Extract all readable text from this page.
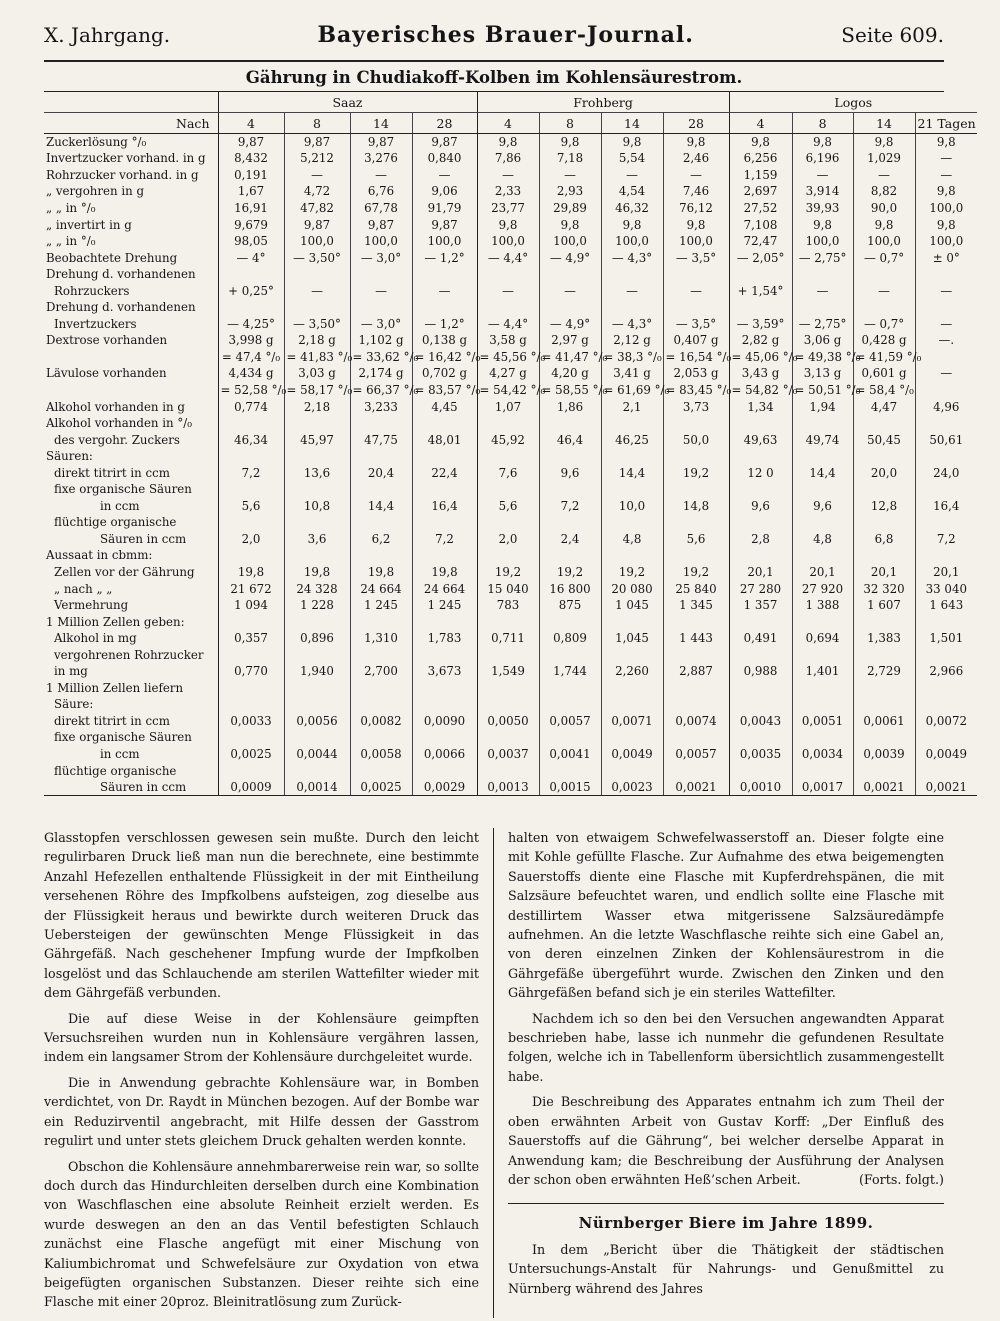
X. Jahrgang.	Bayerisches Brauer-Journal.	Seite 609.
Gährung in Chudiakoff-Kolben im Kohlensäurestrom.
	Saaz				Frohberg				Logos			
Nach	4	8	14	28	4	8	14	28	4	8	14	21 Tagen
Zuckerlösung °/₀	9,87	9,87	9,87	9,87	9,8	9,8	9,8	9,8	9,8	9,8	9,8	9,8
Invertzucker vorhand. in g	8,432	5,212	3,276	0,840	7,86	7,18	5,54	2,46	6,256	6,196	1,029	—
Rohrzucker vorhand. in g	0,191	—	—	—	—	—	—	—	1,159	—	—	—
„ vergohren in g	1,67	4,72	6,76	9,06	2,33	2,93	4,54	7,46	2,697	3,914	8,82	9,8
„ „ in °/₀	16,91	47,82	67,78	91,79	23,77	29,89	46,32	76,12	27,52	39,93	90,0	100,0
„ invertirt in g	9,679	9,87	9,87	9,87	9,8	9,8	9,8	9,8	7,108	9,8	9,8	9,8
„ „ in °/₀	98,05	100,0	100,0	100,0	100,0	100,0	100,0	100,0	72,47	100,0	100,0	100,0
Beobachtete Drehung	— 4°	— 3,50°	— 3,0°	— 1,2°	— 4,4°	— 4,9°	— 4,3°	— 3,5°	— 2,05°	— 2,75°	— 0,7°	± 0°
Drehung d. vorhandenen												
Rohrzuckers	+ 0,25°	—	—	—	—	—	—	—	+ 1,54°	—	—	—
Drehung d. vorhandenen												
Invertzuckers	— 4,25°	— 3,50°	— 3,0°	— 1,2°	— 4,4°	— 4,9°	— 4,3°	— 3,5°	— 3,59°	— 2,75°	— 0,7°	—
Dextrose vorhanden	3,998 g	2,18 g	1,102 g	0,138 g	3,58 g	2,97 g	2,12 g	0,407 g	2,82 g	3,06 g	0,428 g	—.
	= 47,4 °/₀	= 41,83 °/₀	= 33,62 °/₀	= 16,42 °/₀	= 45,56 °/₀	= 41,47 °/₀	= 38,3 °/₀	= 16,54 °/₀	= 45,06 °/₀	= 49,38 °/₀	= 41,59 °/₀	
Lävulose vorhanden	4,434 g	3,03 g	2,174 g	0,702 g	4,27 g	4,20 g	3,41 g	2,053 g	3,43 g	3,13 g	0,601 g	—
	= 52,58 °/₀	= 58,17 °/₀	= 66,37 °/₀	= 83,57 °/₀	= 54,42 °/₀	= 58,55 °/₀	= 61,69 °/₀	= 83,45 °/₀	= 54,82 °/₀	= 50,51 °/₀	= 58,4 °/₀	
Alkohol vorhanden in g	0,774	2,18	3,233	4,45	1,07	1,86	2,1	3,73	1,34	1,94	4,47	4,96
Alkohol vorhanden in °/₀												
des vergohr. Zuckers	46,34	45,97	47,75	48,01	45,92	46,4	46,25	50,0	49,63	49,74	50,45	50,61
Säuren:												
direkt titrirt in ccm	7,2	13,6	20,4	22,4	7,6	9,6	14,4	19,2	12 0	14,4	20,0	24,0
fixe organische Säuren												
in ccm	5,6	10,8	14,4	16,4	5,6	7,2	10,0	14,8	9,6	9,6	12,8	16,4
flüchtige organische												
Säuren in ccm	2,0	3,6	6,2	7,2	2,0	2,4	4,8	5,6	2,8	4,8	6,8	7,2
Aussaat in cbmm:												
Zellen vor der Gährung	19,8	19,8	19,8	19,8	19,2	19,2	19,2	19,2	20,1	20,1	20,1	20,1
„ nach „ „	21 672	24 328	24 664	24 664	15 040	16 800	20 080	25 840	27 280	27 920	32 320	33 040
Vermehrung	1 094	1 228	1 245	1 245	783	875	1 045	1 345	1 357	1 388	1 607	1 643
1 Million Zellen geben:												
Alkohol in mg	0,357	0,896	1,310	1,783	0,711	0,809	1,045	1 443	0,491	0,694	1,383	1,501
vergohrenen Rohrzucker												
in mg	0,770	1,940	2,700	3,673	1,549	1,744	2,260	2,887	0,988	1,401	2,729	2,966
1 Million Zellen liefern												
Säure:												
direkt titrirt in ccm	0,0033	0,0056	0,0082	0,0090	0,0050	0,0057	0,0071	0,0074	0,0043	0,0051	0,0061	0,0072
fixe organische Säuren												
in ccm	0,0025	0,0044	0,0058	0,0066	0,0037	0,0041	0,0049	0,0057	0,0035	0,0034	0,0039	0,0049
flüchtige organische												
Säuren in ccm	0,0009	0,0014	0,0025	0,0029	0,0013	0,0015	0,0023	0,0021	0,0010	0,0017	0,0021	0,0021

Glasstopfen verschlossen gewesen sein mußte. Durch den leicht regulirbaren Druck ließ man nun die berechnete, eine bestimmte Anzahl Hefezellen enthaltende Flüssigkeit in der mit Eintheilung versehenen Röhre des Impfkolbens aufsteigen, zog dieselbe aus der Flüssigkeit heraus und bewirkte durch weiteren Druck das Uebersteigen der gewünschten Menge Flüssigkeit in das Gährgefäß. Nach geschehener Impfung wurde der Impfkolben losgelöst und das Schlauchende am sterilen Wattefilter wieder mit dem Gährgefäß verbunden.

Die auf diese Weise in der Kohlensäure geimpften Versuchsreihen wurden nun in Kohlensäure vergähren lassen, indem ein langsamer Strom der Kohlensäure durchgeleitet wurde.

Die in Anwendung gebrachte Kohlensäure war, in Bomben verdichtet, von Dr. Raydt in München bezogen. Auf der Bombe war ein Reduzirventil angebracht, mit Hilfe dessen der Gasstrom regulirt und unter stets gleichem Druck gehalten werden konnte.

Obschon die Kohlensäure annehmbarerweise rein war, so sollte doch durch das Hindurchleiten derselben durch eine Kombination von Waschflaschen eine absolute Reinheit erzielt werden. Es wurde deswegen an den an das Ventil befestigten Schlauch zunächst eine Flasche angefügt mit einer Mischung von Kaliumbichromat und Schwefelsäure zur Oxydation von etwa beigefügten organischen Substanzen. Dieser reihte sich eine Flasche mit einer 20proz. Bleinitratlösung zum Zurück-

halten von etwaigem Schwefelwasserstoff an. Dieser folgte eine mit Kohle gefüllte Flasche. Zur Aufnahme des etwa beigemengten Sauerstoffs diente eine Flasche mit Kupferdrehspänen, die mit Salzsäure befeuchtet waren, und endlich sollte eine Flasche mit destillirtem Wasser etwa mitgerissene Salzsäuredämpfe aufnehmen. An die letzte Waschflasche reihte sich eine Gabel an, von deren einzelnen Zinken der Kohlensäurestrom in die Gährgefäße übergeführt wurde. Zwischen den Zinken und den Gährgefäßen befand sich je ein steriles Wattefilter.

Nachdem ich so den bei den Versuchen angewandten Apparat beschrieben habe, lasse ich nunmehr die gefundenen Resultate folgen, welche ich in Tabellenform übersichtlich zusammengestellt habe.

Die Beschreibung des Apparates entnahm ich zum Theil der oben erwähnten Arbeit von Gustav Korff: „Der Einfluß des Sauerstoffs auf die Gährung“, bei welcher derselbe Apparat in Anwendung kam; die Beschreibung der Ausführung der Analysen der schon oben erwähnten Heß’schen Arbeit.	(Forts. folgt.)

Nürnberger Biere im Jahre 1899.

In dem „Bericht über die Thätigkeit der städtischen Untersuchungs-Anstalt für Nahrungs- und Genußmittel zu Nürnberg während des Jahres
